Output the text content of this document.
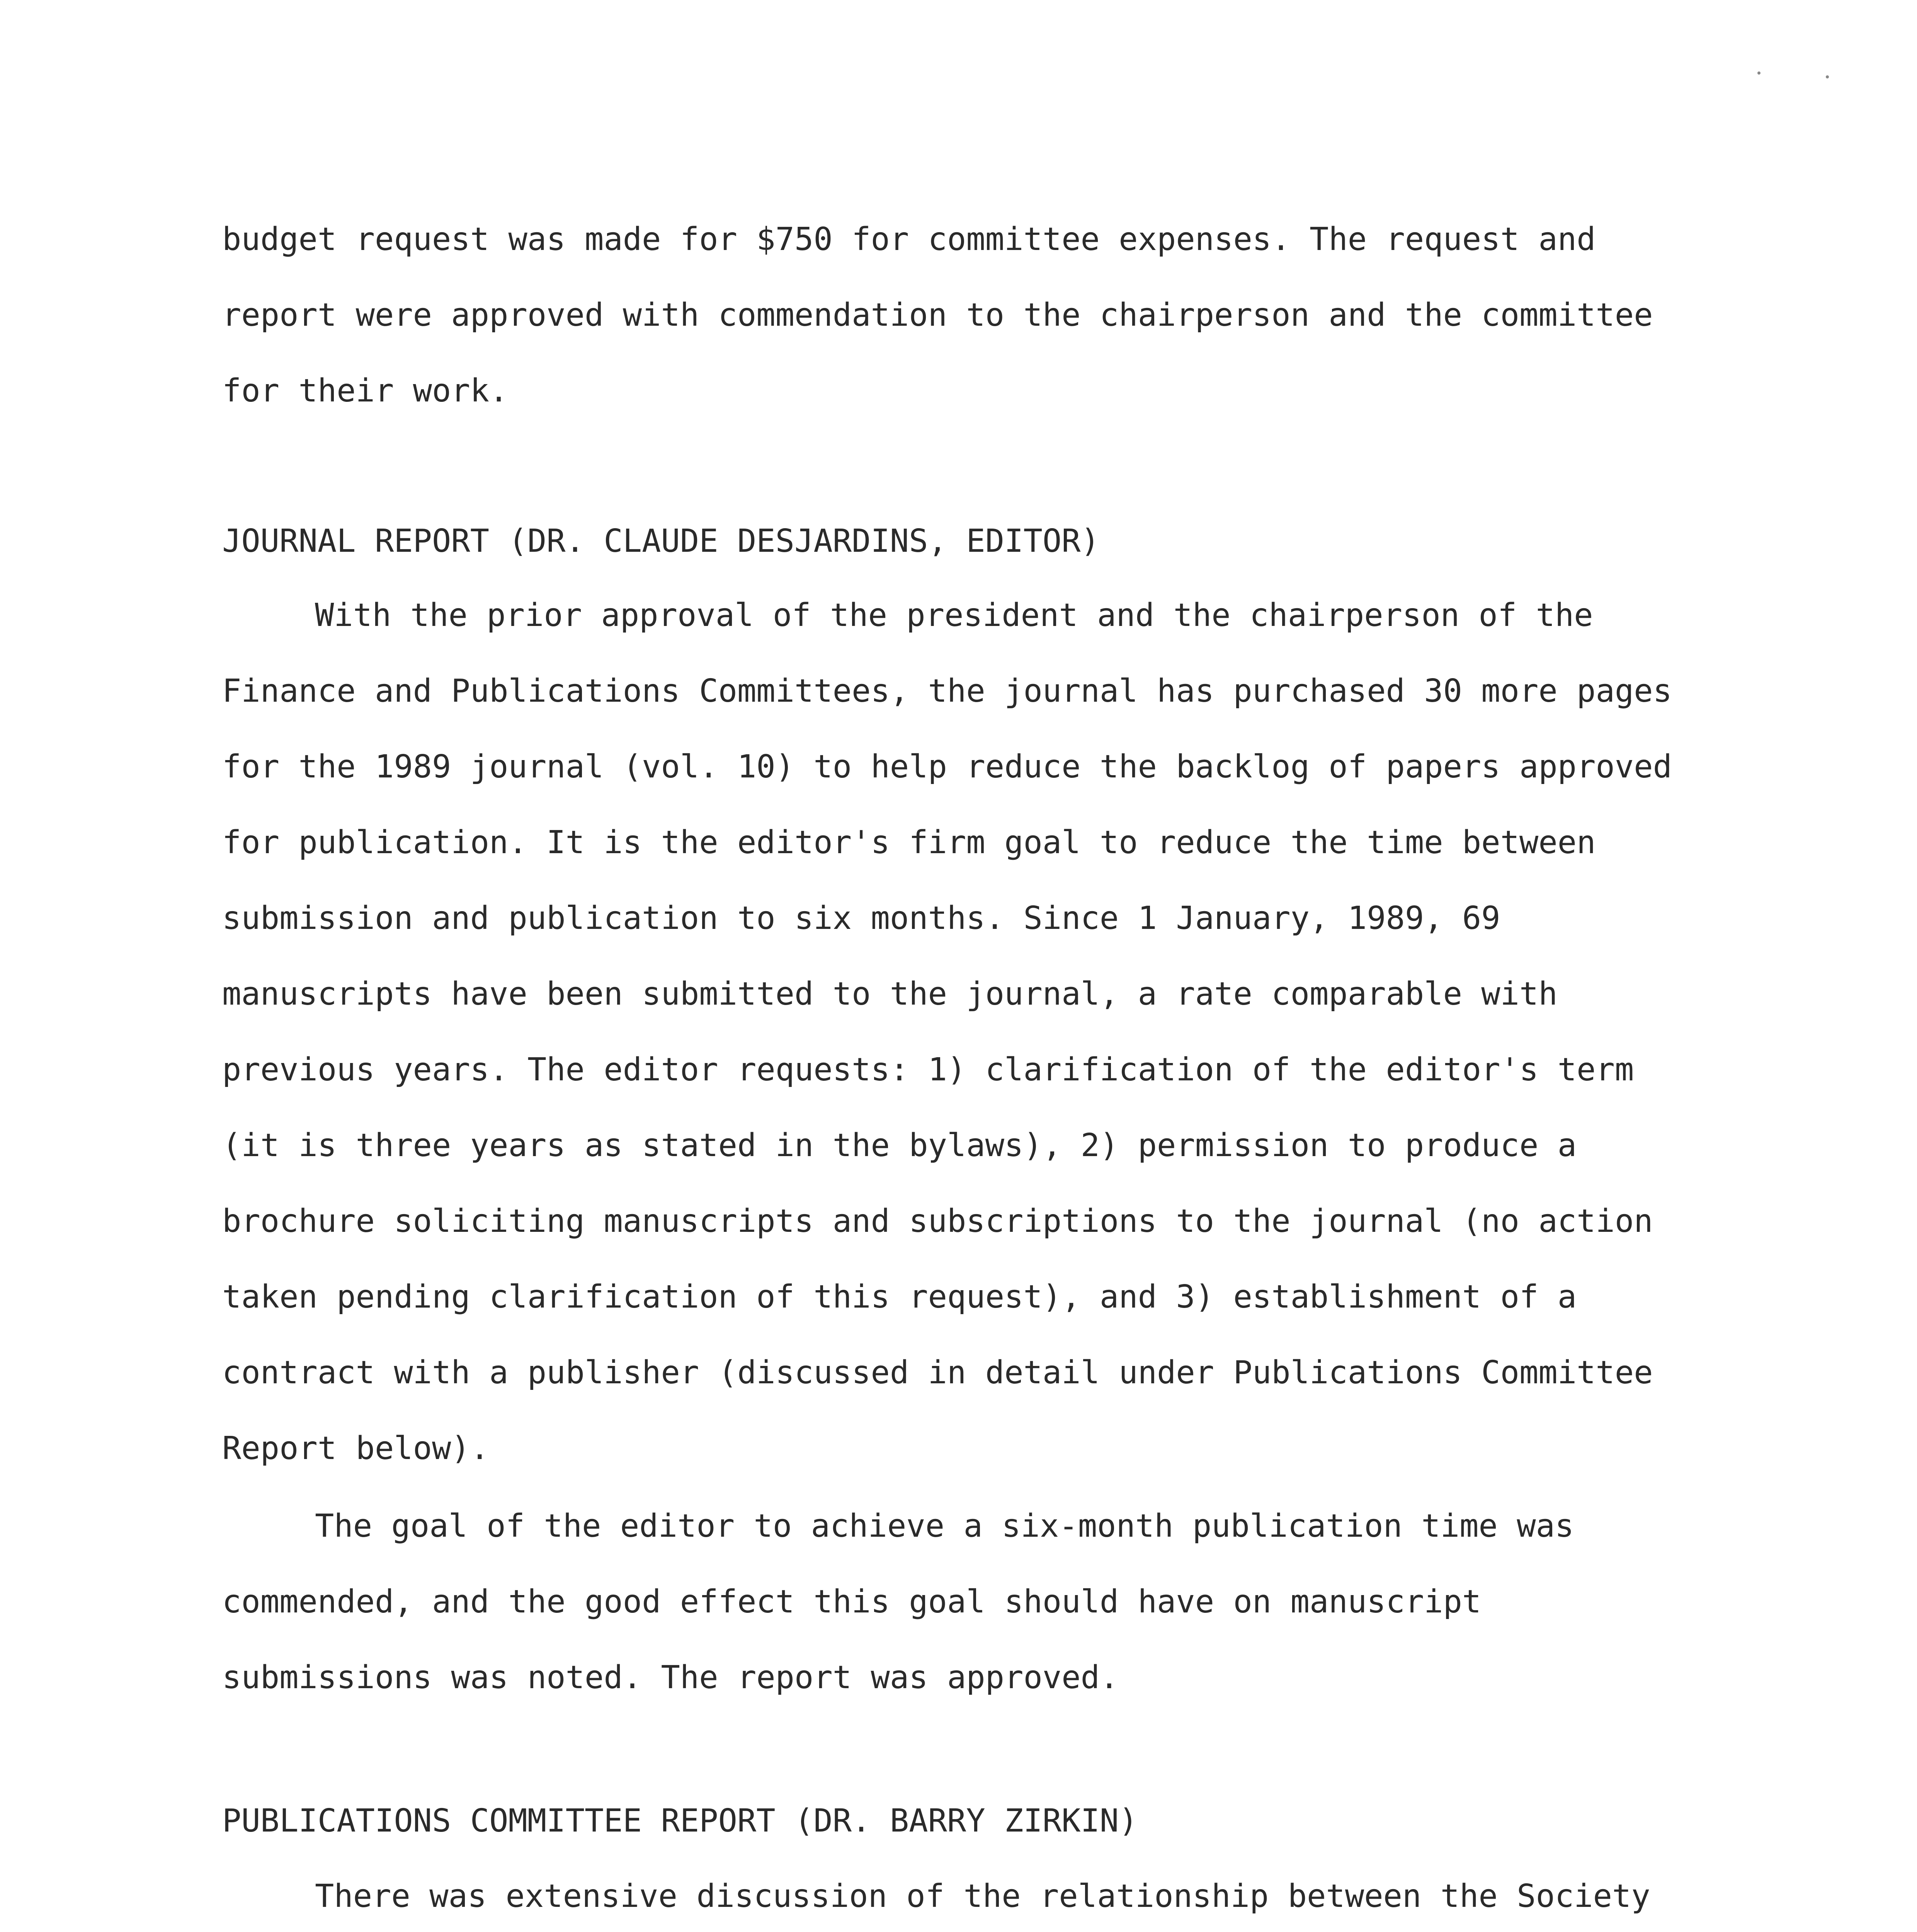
budget request was made for $750 for committee expenses. The request and
report were approved with commendation to the chairperson and the committee
for their work.
JOURNAL REPORT (DR. CLAUDE DESJARDINS, EDITOR)
With the prior approval of the president and the chairperson of the
Finance and Publications Committees, the journal has purchased 30 more pages
for the 1989 journal (vol. 10) to help reduce the backlog of papers approved
for publication. It is the editor's firm goal to reduce the time between
submission and publication to six months. Since 1 January, 1989, 69
manuscripts have been submitted to the journal, a rate comparable with
previous years. The editor requests: 1) clarification of the editor's term
(it is three years as stated in the bylaws), 2) permission to produce a
brochure soliciting manuscripts and subscriptions to the journal (no action
taken pending clarification of this request), and 3) establishment of a
contract with a publisher (discussed in detail under Publications Committee
Report below).
The goal of the editor to achieve a six-month publication time was
commended, and the good effect this goal should have on manuscript
submissions was noted. The report was approved.
PUBLICATIONS COMMITTEE REPORT (DR. BARRY ZIRKIN)
There was extensive discussion of the relationship between the Society
